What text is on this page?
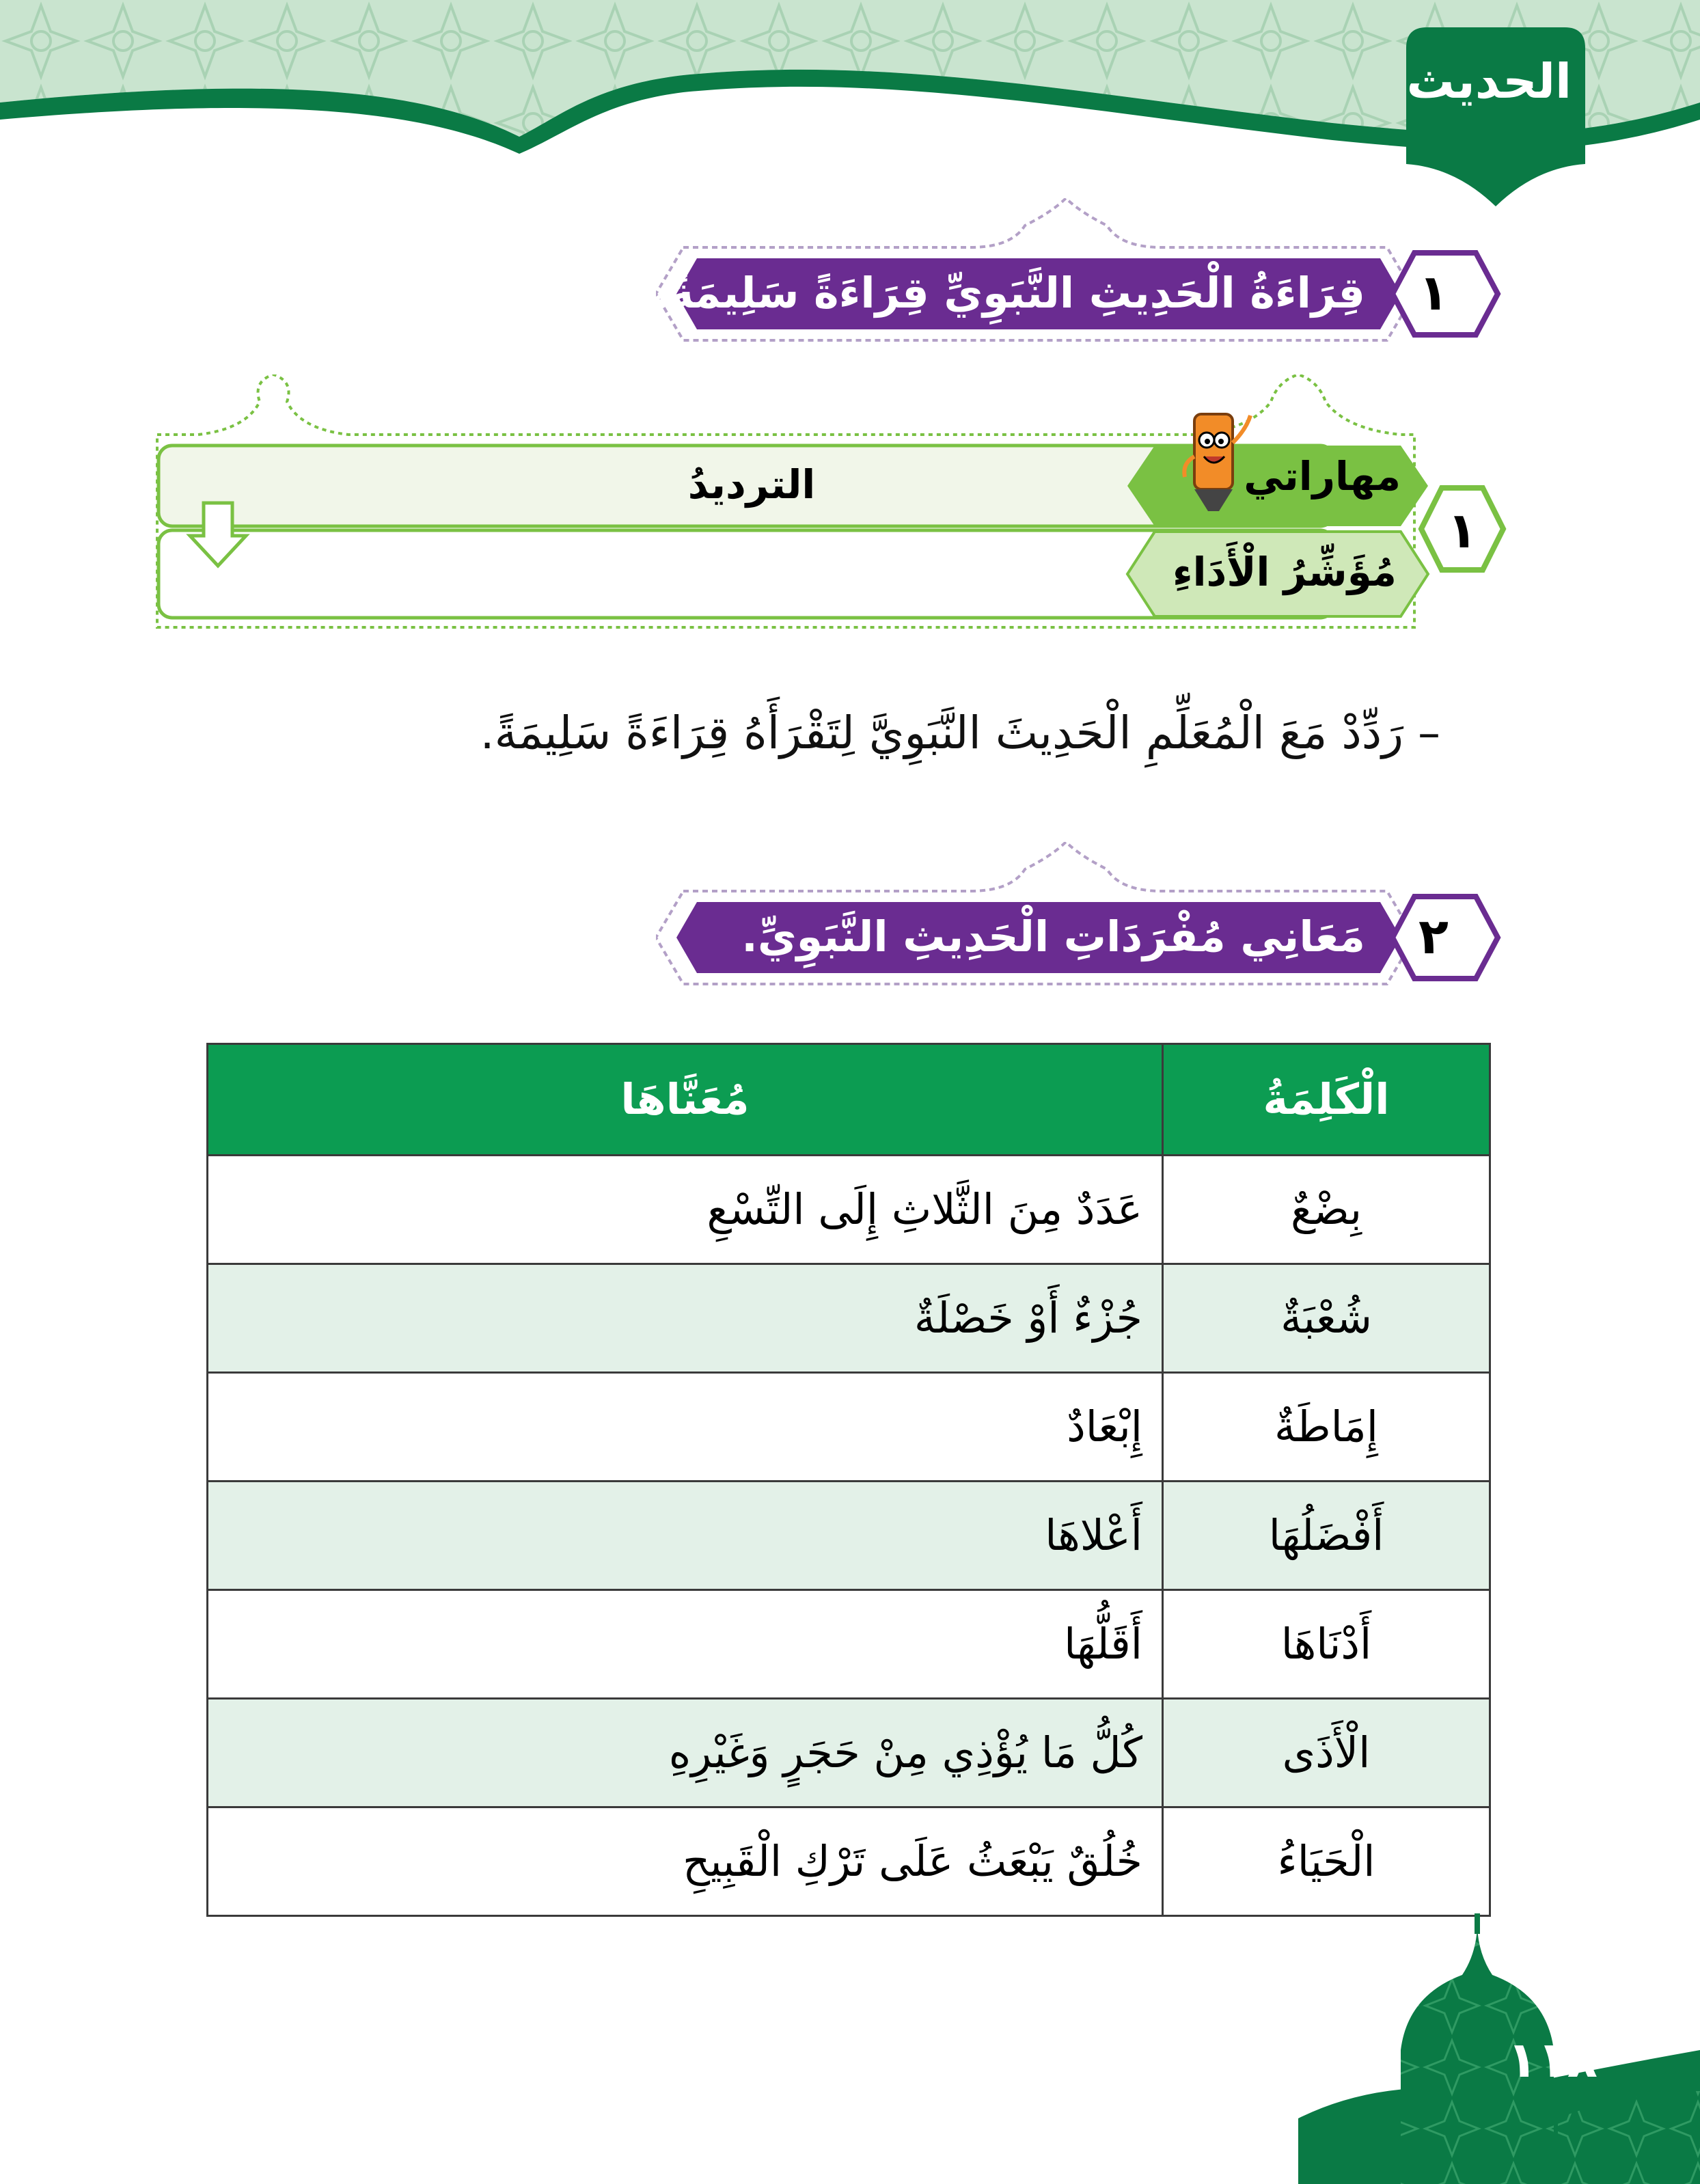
الحديث
قِرَاءَةُ الْحَدِيثِ النَّبَوِيِّ قِرَاءَةً سَلِيمَةً.	١
مهاراتي
الترديدُ
مُؤَشِّرُ الْأَدَاءِ
١
– رَدِّدْ مَعَ الْمُعَلِّمِ الْحَدِيثَ النَّبَوِيَّ لِتَقْرَأَهُ قِرَاءَةً سَلِيمَةً.
مَعَانِي مُفْرَدَاتِ الْحَدِيثِ النَّبَوِيِّ.	٢
الْكَلِمَةُ	مُعَنَّاهَا
بِضْعٌ	عَدَدٌ مِنَ الثَّلاثِ إِلَى التِّسْعِ
شُعْبَةٌ	جُزْءٌ أَوْ خَصْلَةٌ
إِمَاطَةٌ	إِبْعَادٌ
أَفْضَلُهَا	أَعْلاهَا
أَدْنَاهَا	أَقَلُّهَا
الْأَذَى	كُلُّ مَا يُؤْذِي مِنْ حَجَرٍ وَغَيْرِهِ
الْحَيَاءُ	خُلُقٌ يَبْعَثُ عَلَى تَرْكِ الْقَبِيحِ
١١٨
